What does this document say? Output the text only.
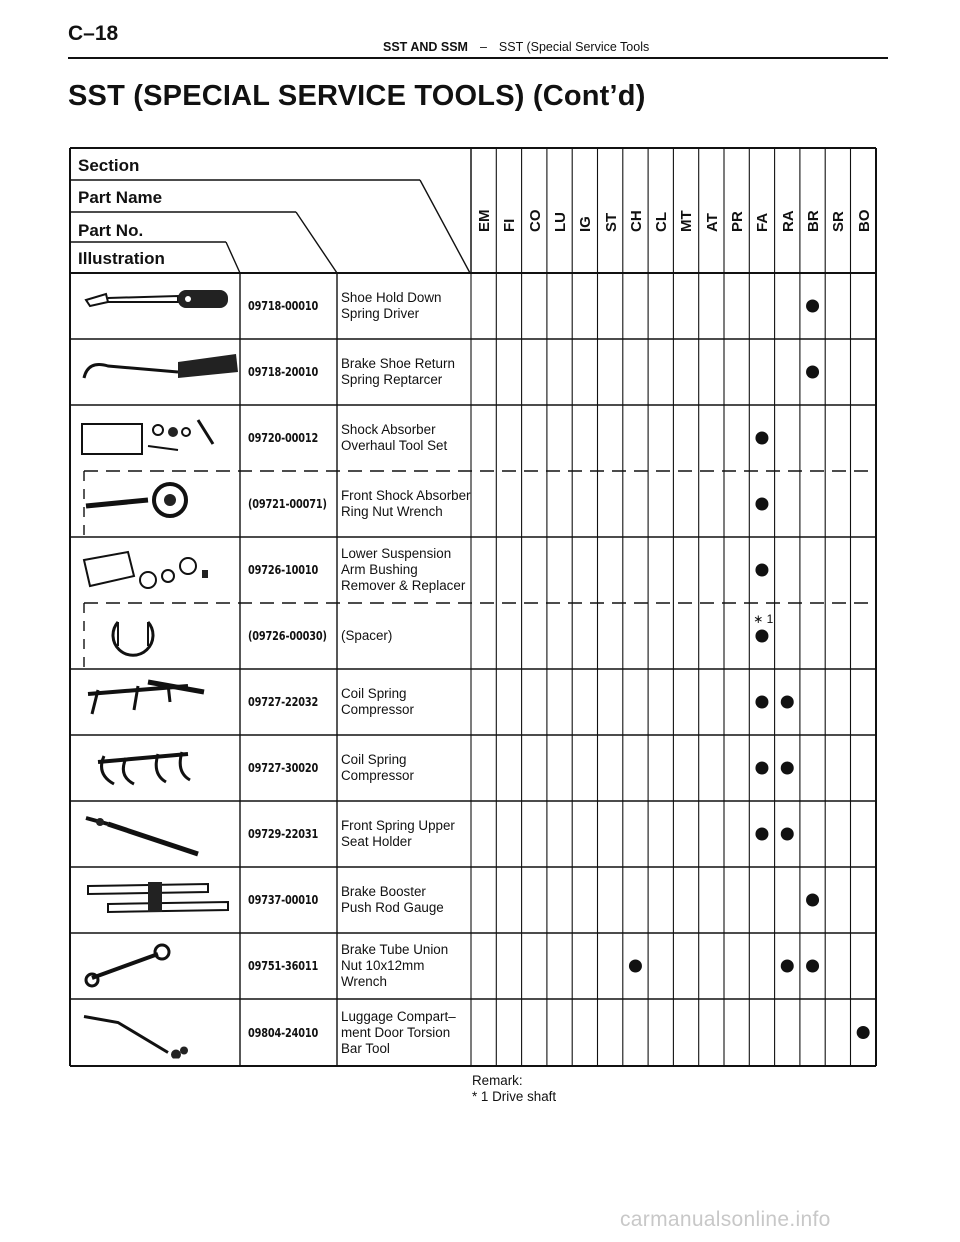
C–18
SST AND SSM – SST (Special Service Tools
SST (SPECIAL SERVICE TOOLS) (Cont’d)
Section
Part Name
Part No.
Illustration
EM FI CO LU IG ST CH CL MT AT PR FA RA BR SR BO
09718-00010
Shoe Hold Down
Spring Driver
09718-20010
Brake Shoe Return
Spring Reptarcer
09720-00012
Shock Absorber
Overhaul Tool Set
(09721-00071)
Front Shock Absorber
Ring Nut Wrench
09726-10010
Lower Suspension
Arm Bushing
Remover & Replacer
(09726-00030) (Spacer)
∗ 1
09727-22032
Coil Spring
Compressor
09727-30020
Coil Spring
Compressor
09729-22031
Front Spring Upper
Seat Holder
09737-00010
Brake Booster
Push Rod Gauge
09751-36011
Brake Tube Union
Nut 10x12mm
Wrench
09804-24010
Luggage Compart–
ment Door Torsion
Bar Tool
Remark:
* 1 Drive shaft
carmanualsonline.info
